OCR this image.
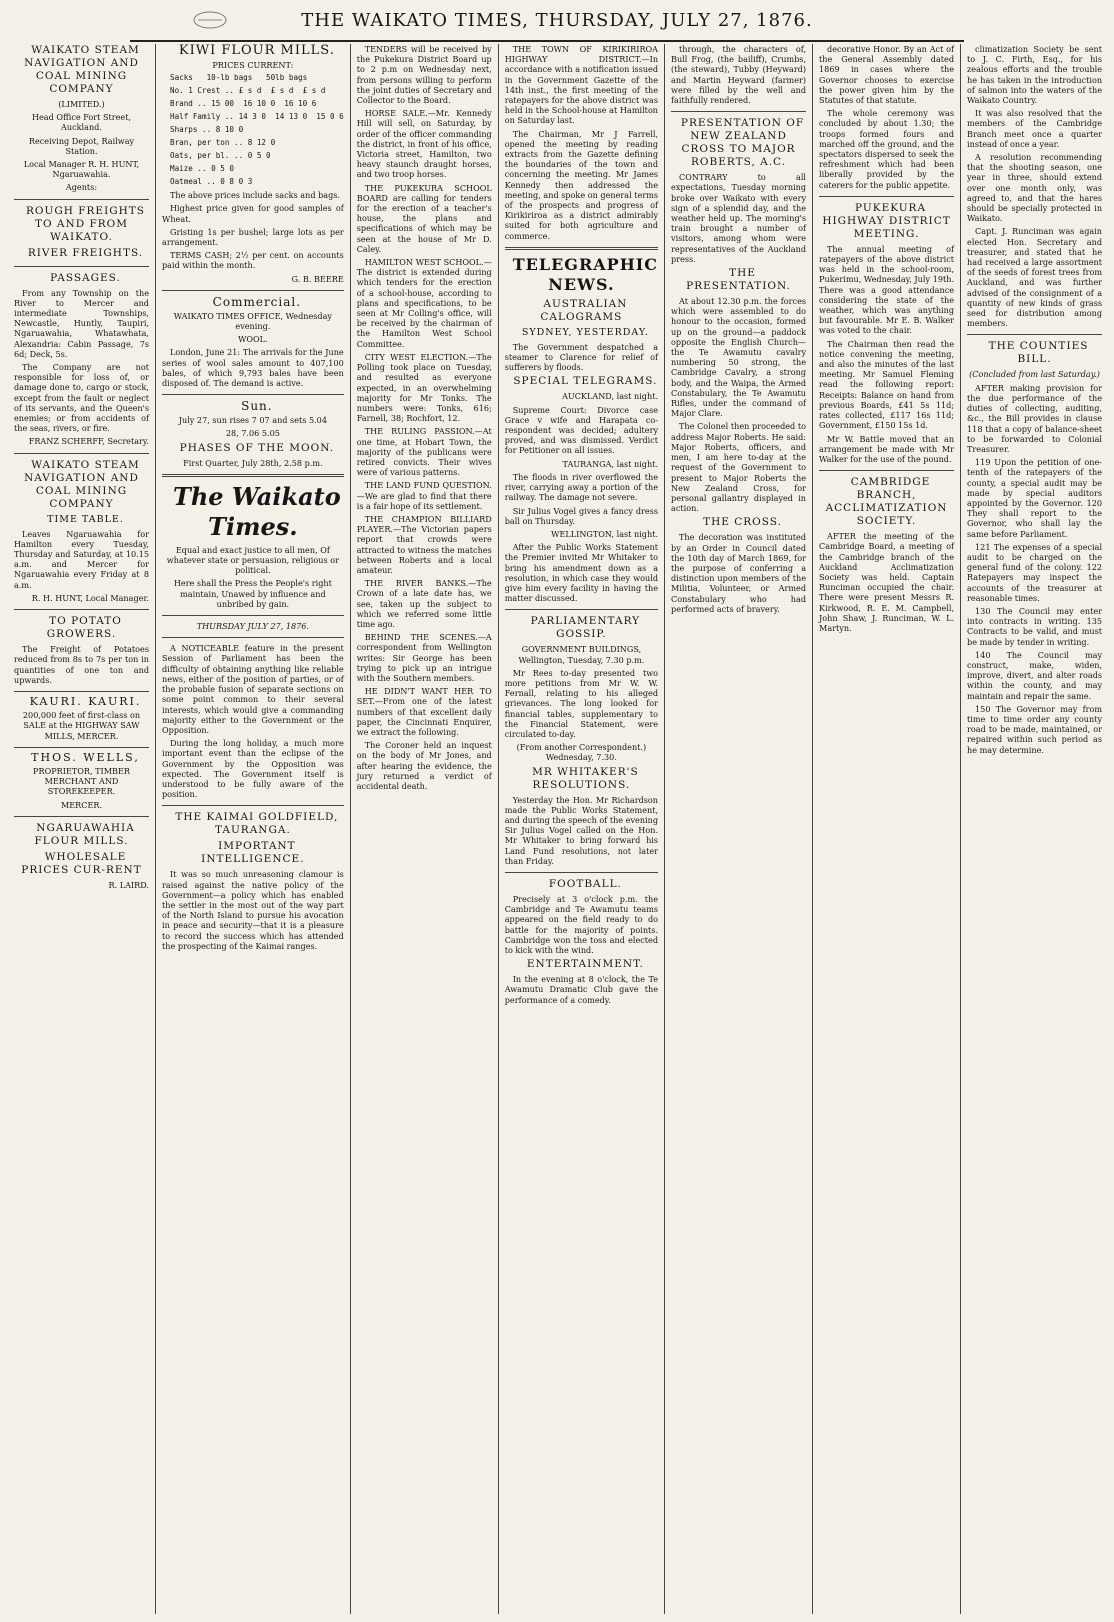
THE WAIKATO TIMES, THURSDAY, JULY 27, 1876.

WAIKATO STEAM NAVIGATION AND COAL MINING COMPANY

(LIMITED.)

Head Office Fort Street, Auckland.

Receiving Depot, Railway Station.

Local Manager R. H. HUNT, Ngaruawahia.

Agents:

ROUGH FREIGHTS TO AND FROM WAIKATO.

RIVER FREIGHTS.

PASSAGES.

From any Township on the River to Mercer and intermediate Townships, Newcastle, Huntly, Taupiri, Ngaruawahia, Whatawhata, Alexandria: Cabin Passage, 7s 6d; Deck, 5s.

The Company are not responsible for loss of, or damage done to, cargo or stock, except from the fault or neglect of its servants, and the Queen's enemies; or from accidents of the seas, rivers, or fire.

FRANZ SCHERFF, Secretary.

WAIKATO STEAM NAVIGATION AND COAL MINING COMPANY

TIME TABLE.

Leaves Ngaruawahia for Hamilton every Tuesday, Thursday and Saturday, at 10.15 a.m. and Mercer for Ngaruawahia every Friday at 8 a.m.

R. H. HUNT, Local Manager.

TO POTATO GROWERS.

The Freight of Potatoes reduced from 8s to 7s per ton in quantities of one ton and upwards.

KAURI. KAURI.

200,000 feet of first-class on SALE at the HIGHWAY SAW MILLS, MERCER.

THOS. WELLS,

PROPRIETOR, TIMBER MERCHANT AND STOREKEEPER.

MERCER.

NGARUAWAHIA FLOUR MILLS.

WHOLESALE PRICES CUR-RENT

R. LAIRD.

KIWI FLOUR MILLS.

PRICES CURRENT:

Sacks   10-lb bags   50lb bags

No. 1 Crest .. £ s d  £ s d  £ s d

Brand .. 15 00  16 10 0  16 10 6

Half Family .. 14 3 0  14 13 0  15 0 6

Sharps .. 8 10 0

Bran, per ton .. 8 12 0

Oats, per bl. .. 0 5 0

Maize .. 0 5 0

Oatmeal .. 0 8 0 3

The above prices include sacks and bags.

Highest price given for good samples of Wheat.

Gristing 1s per bushel; large lots as per arrangement.

TERMS CASH; 2½ per cent. on accounts paid within the month.

G. B. BEERE

Commercial.

WAIKATO TIMES OFFICE, Wednesday evening.

WOOL.

London, June 21: The arrivals for the June series of wool sales amount to 407,100 bales, of which 9,793 bales have been disposed of. The demand is active.

Sun.

July 27, sun rises 7 07 and sets 5.04

28, 7.06 5.05

PHASES OF THE MOON.

First Quarter, July 28th, 2.58 p.m.

The Waikato Times.

Equal and exact justice to all men, Of whatever state or persuasion, religious or political.

Here shall the Press the People's right maintain, Unawed by influence and unbribed by gain.

THURSDAY JULY 27, 1876.

A NOTICEABLE feature in the present Session of Parliament has been the difficulty of obtaining anything like reliable news, either of the position of parties, or of the probable fusion of separate sections on some point common to their several interests, which would give a commanding majority either to the Government or the Opposition.

During the long holiday, a much more important event than the eclipse of the Government by the Opposition was expected. The Government itself is understood to be fully aware of the position.

THE KAIMAI GOLDFIELD, TAURANGA.

IMPORTANT INTELLIGENCE.

It was so much unreasoning clamour is raised against the native policy of the Government—a policy which has enabled the settler in the most out of the way part of the North Island to pursue his avocation in peace and security—that it is a pleasure to record the success which has attended the prospecting of the Kaimai ranges.

TENDERS will be received by the Pukekura District Board up to 2 p.m on Wednesday next, from persons willing to perform the joint duties of Secretary and Collector to the Board.

HORSE SALE.—Mr. Kennedy Hill will sell, on Saturday, by order of the officer commanding the district, in front of his office, Victoria street, Hamilton, two heavy staunch draught horses, and two troop horses.

THE PUKEKURA SCHOOL BOARD are calling for tenders for the erection of a teacher's house, the plans and specifications of which may be seen at the house of Mr D. Caley.

HAMILTON WEST SCHOOL.—The district is extended during which tenders for the erection of a school-house, according to plans and specifications, to be seen at Mr Colling's office, will be received by the chairman of the Hamilton West School Committee.

CITY WEST ELECTION.—The Polling took place on Tuesday, and resulted as everyone expected, in an overwhelming majority for Mr Tonks. The numbers were: Tonks, 616; Farnell, 38; Rochfort, 12.

THE RULING PASSION.—At one time, at Hobart Town, the majority of the publicans were retired convicts. Their wives were of various patterns.

THE LAND FUND QUESTION.—We are glad to find that there is a fair hope of its settlement.

THE CHAMPION BILLIARD PLAYER.—The Victorian papers report that crowds were attracted to witness the matches between Roberts and a local amateur.

THE RIVER BANKS.—The Crown of a late date has, we see, taken up the subject to which we referred some little time ago.

BEHIND THE SCENES.—A correspondent from Wellington writes: Sir George has been trying to pick up an intrigue with the Southern members.

HE DIDN'T WANT HER TO SET.—From one of the latest numbers of that excellent daily paper, the Cincinnati Enquirer, we extract the following.

The Coroner held an inquest on the body of Mr Jones, and after hearing the evidence, the jury returned a verdict of accidental death.

THE TOWN OF KIRIKIRIROA HIGHWAY DISTRICT.—In accordance with a notification issued in the Government Gazette of the 14th inst., the first meeting of the ratepayers for the above district was held in the School-house at Hamilton on Saturday last.

The Chairman, Mr J Farrell, opened the meeting by reading extracts from the Gazette defining the boundaries of the town and concerning the meeting. Mr James Kennedy then addressed the meeting, and spoke on general terms of the prospects and progress of Kirikiriroa as a district admirably suited for both agriculture and commerce.

TELEGRAPHIC NEWS.

AUSTRALIAN CALOGRAMS

SYDNEY, YESTERDAY.

The Government despatched a steamer to Clarence for relief of sufferers by floods.

SPECIAL TELEGRAMS.

AUCKLAND, last night.

Supreme Court: Divorce case Grace v wife and Harapata co-respondent was decided; adultery proved, and was dismissed. Verdict for Petitioner on all issues.

TAURANGA, last night.

The floods in river overflowed the river, carrying away a portion of the railway. The damage not severe.

Sir Julius Vogel gives a fancy dress ball on Thursday.

WELLINGTON, last night.

After the Public Works Statement the Premier invited Mr Whitaker to bring his amendment down as a resolution, in which case they would give him every facility in having the matter discussed.

PARLIAMENTARY GOSSIP.

GOVERNMENT BUILDINGS, Wellington, Tuesday, 7.30 p.m.

Mr Rees to-day presented two more petitions from Mr W. W. Fernall, relating to his alleged grievances. The long looked for financial tables, supplementary to the Financial Statement, were circulated to-day.

(From another Correspondent.) Wednesday, 7.30.

MR WHITAKER'S RESOLUTIONS.

Yesterday the Hon. Mr Richardson made the Public Works Statement, and during the speech of the evening Sir Julius Vogel called on the Hon. Mr Whitaker to bring forward his Land Fund resolutions, not later than Friday.

FOOTBALL.

Precisely at 3 o'clock p.m. the Cambridge and Te Awamutu teams appeared on the field ready to do battle for the majority of points. Cambridge won the toss and elected to kick with the wind.

ENTERTAINMENT.

In the evening at 8 o'clock, the Te Awamutu Dramatic Club gave the performance of a comedy.

through, the characters of, Bull Frog, (the bailiff), Crumbs, (the steward), Tubby (Heyward) and Martin Heyward (farmer) were filled by the well and faithfully rendered.

PRESENTATION OF NEW ZEALAND CROSS TO MAJOR ROBERTS, A.C.

CONTRARY to all expectations, Tuesday morning broke over Waikato with every sign of a splendid day, and the weather held up. The morning's train brought a number of visitors, among whom were representatives of the Auckland press.

THE PRESENTATION.

At about 12.30 p.m. the forces which were assembled to do honour to the occasion, formed up on the ground—a paddock opposite the English Church—the Te Awamutu cavalry numbering 50 strong, the Cambridge Cavalry, a strong body, and the Waipa, the Armed Constabulary, the Te Awamutu Rifles, under the command of Major Clare.

The Colonel then proceeded to address Major Roberts. He said: Major Roberts, officers, and men, I am here to-day at the request of the Government to present to Major Roberts the New Zealand Cross, for personal gallantry displayed in action.

THE CROSS.

The decoration was instituted by an Order in Council dated the 10th day of March 1869, for the purpose of conferring a distinction upon members of the Militia, Volunteer, or Armed Constabulary who had performed acts of bravery.

decorative Honor. By an Act of the General Assembly dated 1869 in cases where the Governor chooses to exercise the power given him by the Statutes of that statute.

The whole ceremony was concluded by about 1.30; the troops formed fours and marched off the ground, and the spectators dispersed to seek the refreshment which had been liberally provided by the caterers for the public appetite.

PUKEKURA HIGHWAY DISTRICT MEETING.

The annual meeting of ratepayers of the above district was held in the school-room, Pukerimu, Wednesday, July 19th. There was a good attendance considering the state of the weather, which was anything but favourable. Mr E. B. Walker was voted to the chair.

The Chairman then read the notice convening the meeting, and also the minutes of the last meeting. Mr Samuel Fleming read the following report: Receipts: Balance on hand from previous Boards, £41 5s 11d; rates collected, £117 16s 11d; Government, £150 15s 1d.

Mr W. Battle moved that an arrangement be made with Mr Walker for the use of the pound.

CAMBRIDGE BRANCH, ACCLIMATIZATION SOCIETY.

AFTER the meeting of the Cambridge Board, a meeting of the Cambridge branch of the Auckland Acclimatization Society was held. Captain Runciman occupied the chair. There were present Messrs R. Kirkwood, R. E. M. Campbell, John Shaw, J. Runciman, W. L. Martyn.

climatization Society be sent to J. C. Firth, Esq., for his zealous efforts and the trouble he has taken in the introduction of salmon into the waters of the Waikato Country.

It was also resolved that the members of the Cambridge Branch meet once a quarter instead of once a year.

A resolution recommending that the shooting season, one year in three, should extend over one month only, was agreed to, and that the hares should be specially protected in Waikato.

Capt. J. Runciman was again elected Hon. Secretary and treasurer, and stated that he had received a large assortment of the seeds of forest trees from Auckland, and was further advised of the consignment of a quantity of new kinds of grass seed for distribution among members.

THE COUNTIES BILL.

(Concluded from last Saturday.)

AFTER making provision for the due performance of the duties of collecting, auditing, &c., the Bill provides in clause 118 that a copy of balance-sheet to be forwarded to Colonial Treasurer.

119 Upon the petition of one-tenth of the ratepayers of the county, a special audit may be made by special auditors appointed by the Governor. 120 They shall report to the Governor, who shall lay the same before Parliament.

121 The expenses of a special audit to be charged on the general fund of the colony. 122 Ratepayers may inspect the accounts of the treasurer at reasonable times.

130 The Council may enter into contracts in writing. 135 Contracts to be valid, and must be made by tender in writing.

140 The Council may construct, make, widen, improve, divert, and alter roads within the county, and may maintain and repair the same.

150 The Governor may from time to time order any county road to be made, maintained, or repaired within such period as he may determine.
